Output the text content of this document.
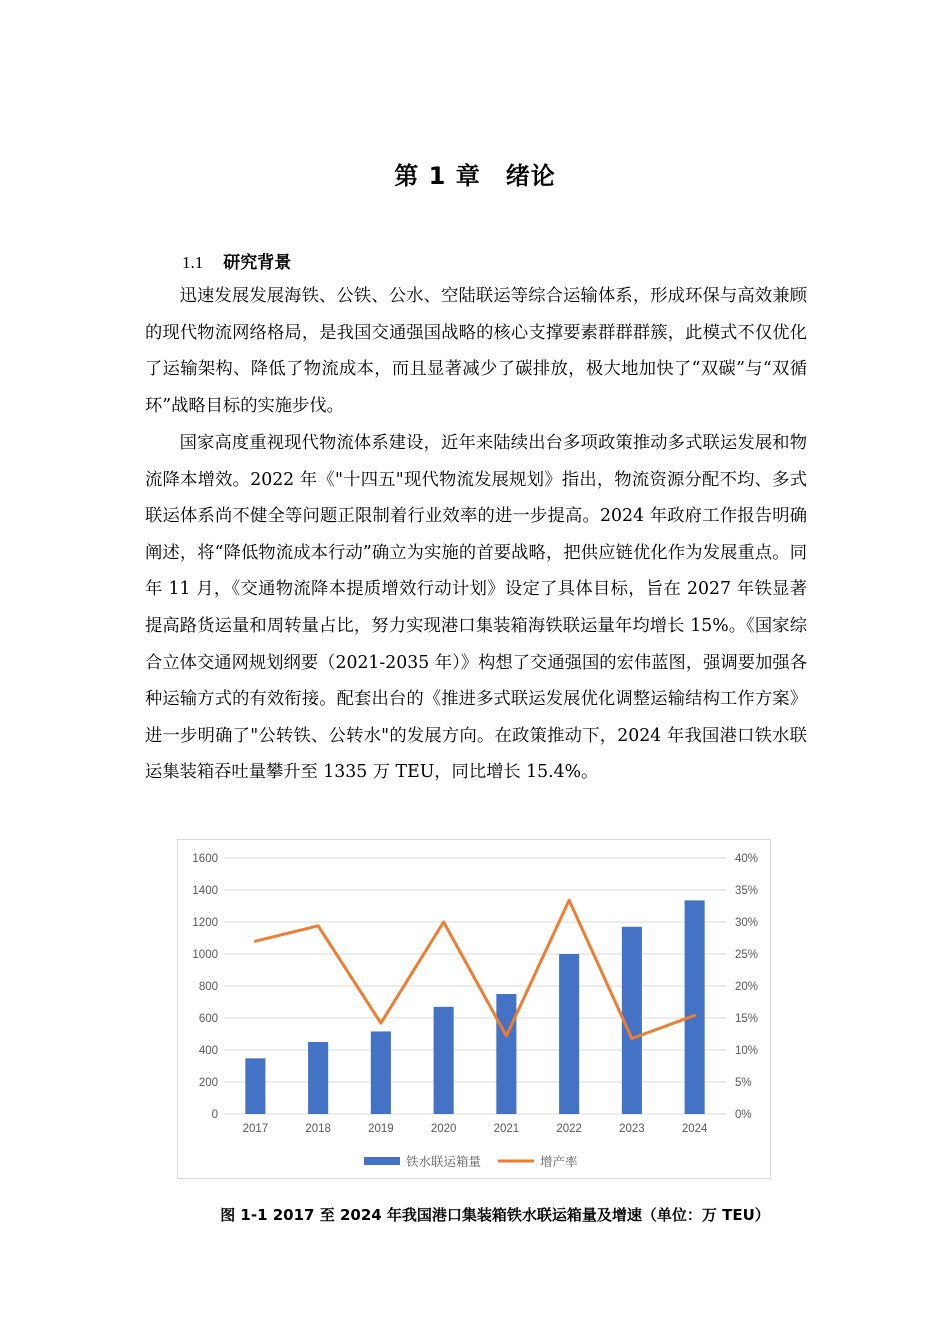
第 1 章　绪论
1.1 研究背景

迅速发展发展海铁、公铁、公水、空陆联运等综合运输体系，形成环保与高效兼顾的现代物流网络格局，是我国交通强国战略的核心支撑要素群群群簇，此模式不仅优化了运输架构、降低了物流成本，而且显著减少了碳排放，极大地加快了“双碳”与“双循环”战略目标的实施步伐。

国家高度重视现代物流体系建设，近年来陆续出台多项政策推动多式联运发展和物流降本增效。2022 年《"十四五"现代物流发展规划》指出，物流资源分配不均、多式联运体系尚不健全等问题正限制着行业效率的进一步提高。2024 年政府工作报告明确阐述，将“降低物流成本行动”确立为实施的首要战略，把供应链优化作为发展重点。同年 11 月，《交通物流降本提质增效行动计划》设定了具体目标，旨在 2027 年铁显著提高路货运量和周转量占比，努力实现港口集装箱海铁联运量年均增长 15%。《国家综合立体交通网规划纲要（2021-2035 年）》构想了交通强国的宏伟蓝图，强调要加强各种运输方式的有效衔接。配套出台的《推进多式联运发展优化调整运输结构工作方案》进一步明确了"公转铁、公转水"的发展方向。在政策推动下，2024 年我国港口铁水联运集装箱吞吐量攀升至 1335 万 TEU，同比增长 15.4%。

0	0%
200	5%
400	10%
600	15%
800	20%
1000	25%
1200	30%
1400	35%
1600	40%
2017	2018	2019	2020	2021	2022	2023	2024
铁水联运箱量	增产率
图 1-1 2017 至 2024 年我国港口集装箱铁水联运箱量及增速（单位：万 TEU）
